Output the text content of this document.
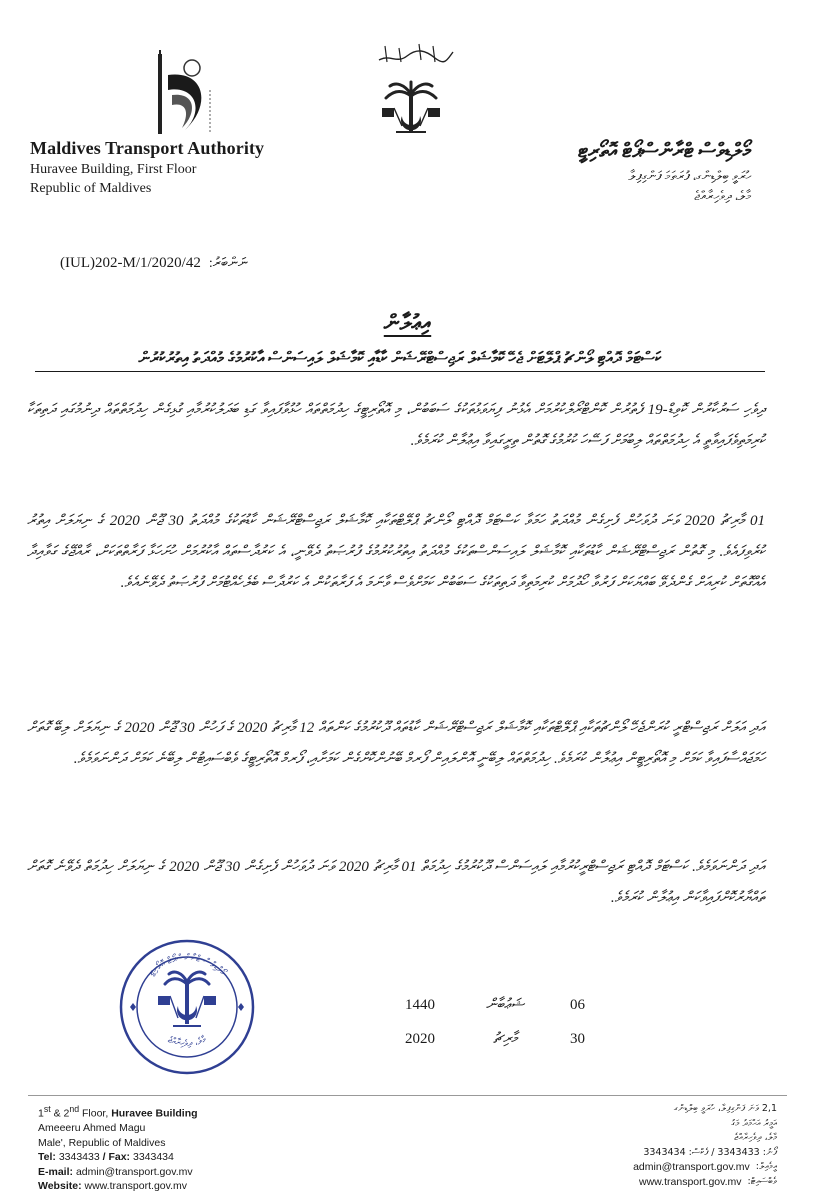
Maldives Transport Authority
Huravee Building, First Floor
Republic of Maldives
މޯލްޑިވްސް ޓްރާންސްޕޯޓް އޮތޯރިޓީ
ހުރަވީ ބިލްޑިންގ، ފުރަތަމަ ފަންގިފިލާ
މާލެ، ދިވެހިރާއްޖެ
(IUL)202-M/1/2020/42 ނަންބަރު:
އިޢުލާން
ކަސްޓަމް ދޮއްޓި ލޯންޗު ޕްލޭޓަށް ޖެހޭ ކޮމާޝަލް ރަޖިސްޓްރޭޝަން ކާޑާއި ކޮމާޝަލް ލައިސަންސް އާކުރުމުގެ މުއްދަތު އިތުރުކުރުން
ދިވެހި ސަރުކާރުން ކޮވިޑް-19 ފެތުރުން ކޮންޓްރޯލްކުރުމަށް އެޅުނު ފިޔަވަޅުތަކުގެ ސަބަބުން، މި އޮތޯރިޓީގެ ހިދުމަތްތައް ހުޅުވާފައިވާ ގަޑި ބަދަލުކުރުމާއި ގުޅިގެން ހިދުމަތްތައް ދިނުމުގައި ދަތިތަކާ ކުރިމަތިވެފައިވާތީ އެ ހިދުމަތްތައް ލިބުމަށް ފަސޭހަ ކުރުމުގެ ގޮތުން ތިރީގައިވާ އިޢުލާން ކުރަމެވެ.
01 މާރިޗު 2020 ވަނަ ދުވަހުން ފެށިގެން މުއްދަތު ހަމަވާ ކަސްޓަމް ދޮއްޓި ލޯންޗު ޕްލޭޓްތަކާއި ކޮމާޝަލް ރަޖިސްޓްރޭޝަން ކާޑުތަކުގެ މުއްދަތު 30 ޖޫން 2020 ގެ ނިޔަލަށް އިތުރު ކުރެވިފައެވެ. މި ގޮތުން ރަޖިސްޓްރޭޝަން ކާޑުތަކާއި ކޮމާޝަލް ލައިސަންސްތަކުގެ މުއްދަތު އިތުރުކުރުމުގެ ފުރުޞަތު ދެވޭނީ، އެ ކަރުދާސްތައް އާކުރުމަށް ހުށަހަޅާ ފަރާތްތަކަށް، ރާއްޖޭގެ ގަވާއިދާ އެއްގޮތަށް ކުރިއަށް ގެންދެވޭ ބައްޔަކަށް ފަރުވާ ހޯދުމަށް ކުރިމަތިވާ ދަތިތަކުގެ ސަބަބުން ކަމަށްވެސް ވާނަމަ އެ ފަރާތަކުން އެ ކަރުދާސް ބެލެހެއްޓުމަށް ފުރުޞަތު ދެވޭނެއެވެ.
އަދި އަލަށް ރަޖިސްޓްރީ ކުރަންޖެހޭ ލޯންޗުތަކާއި ޕްލޭޓްތަކާއި ކޮމާޝަލް ރަޖިސްޓްރޭޝަން ކާޑުތައް ދޫކުރުމުގެ ކަންތައް 12 މާރިޗު 2020 ގެ ފަހުން 30 ޖޫން 2020 ގެ ނިޔަލަށް ލިބޭ ގޮތަށް ހަމަޖައްސާފައިވާ ކަމަށް މި އޮތޯރިޓީން އިޢުލާން ކުރަމެވެ. ހިދުމަތްތައް ލިބޭނީ އޮންލައިން ފޯރމް ބޭނުންކޮށްގެން ކަމަށާއި، ފޯރމް އޮތޯރިޓީގެ ވެބްސައިޓުން ލިބޭނެ ކަމަށް ދަންނަވަމެވެ.
އަދި ދަންނަވަމެވެ. ކަސްޓަމް ދޮއްޓި ރަޖިސްޓްރީކުރުމާއި ލައިސަންސް ދޫކުރުމުގެ ހިދުމަތް 01 މާރިޗު 2020 ވަނަ ދުވަހުން ފެށިގެން 30 ޖޫން 2020 ގެ ނިޔަލަށް ހިދުމަތް ދެވޭނެ ގޮތަށް ތައްޔާރުކޮށްފައިވާކަން އިޢުލާން ކުރަމެވެ.
މޯލްޑިވްސް ޓްރާންސްޕޯޓް އޮތޯރިޓީ
މާލެ، ދިވެހިރާއްޖެ
1440	ޝަޢުބާން	06
2020	މާރިޗު	30
1st & 2nd Floor, Huravee Building
Ameeeru Ahmed Magu
Male', Republic of Maldives
Tel: 3343433 / Fax: 3343434
E-mail: admin@transport.gov.mv
Website: www.transport.gov.mv
2,1 ވަނަ ފަންގިފިލާ، ހުރަވީ ބިލްޑިންގ
އަމީރު އަޙްމަދު މަގު
މާލެ، ދިވެހިރާއްޖެ
ފޯނު: 3343433 / ފެކްސް: 3343434
admin@transport.gov.mv އީމެއިލް:
www.transport.gov.mv ވެބްސައިޓް:
